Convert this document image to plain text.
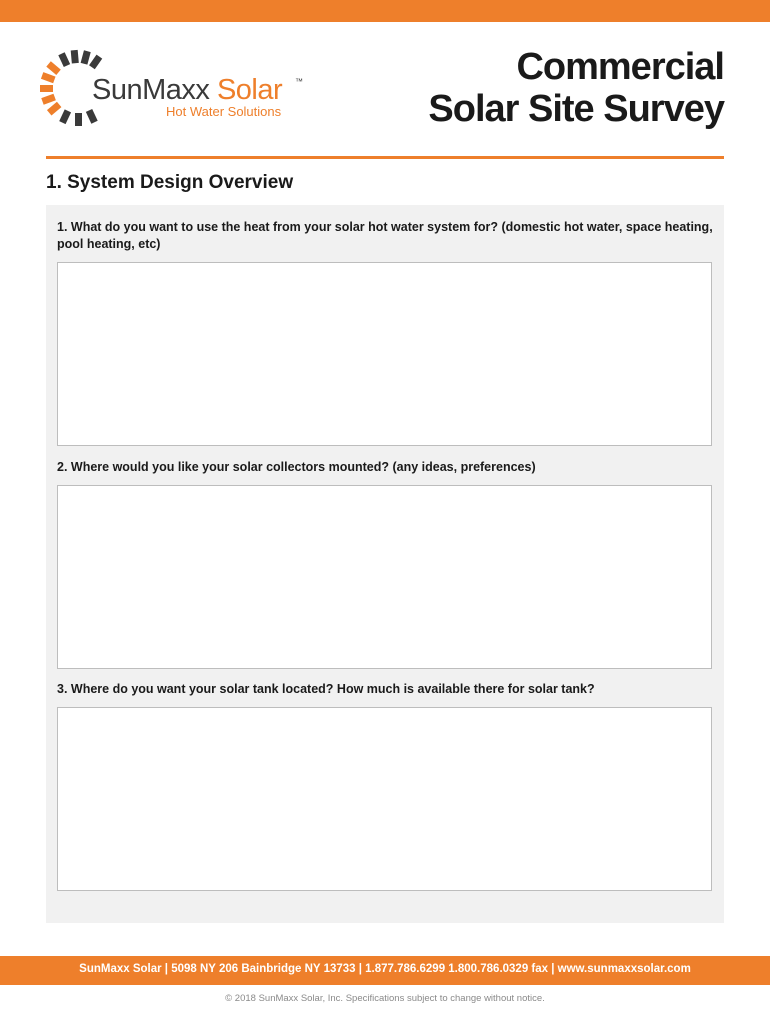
SunMaxx Solar ™
Hot Water Solutions
Commercial
Solar Site Survey
1. System Design Overview
1. What do you want to use the heat from your solar hot water system for? (domestic hot water, space heating, pool heating, etc)
2. Where would you like your solar collectors mounted? (any ideas, preferences)
3. Where do you want your solar tank located? How much is available there for solar tank?
SunMaxx Solar | 5098 NY 206 Bainbridge NY 13733 | 1.877.786.6299 1.800.786.0329 fax | www.sunmaxxsolar.com
© 2018 SunMaxx Solar, Inc. Specifications subject to change without notice.
